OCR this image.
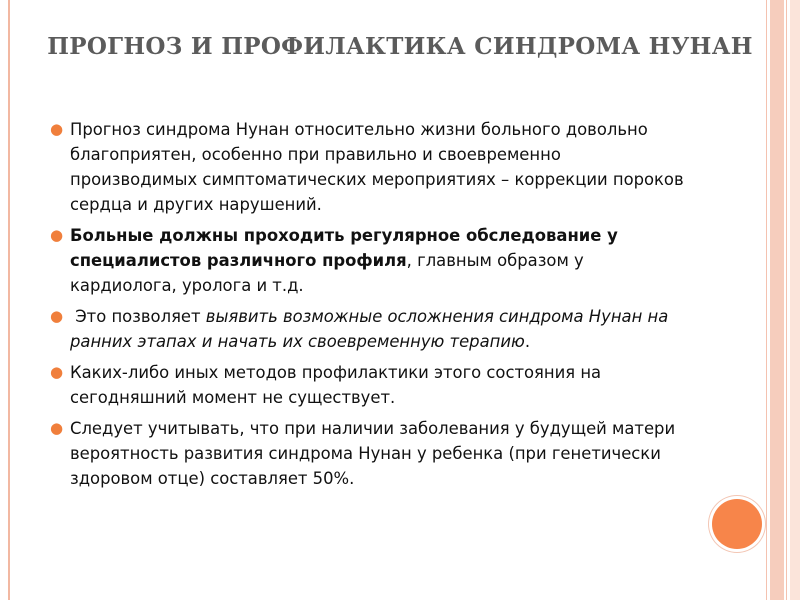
ПРОГНОЗ И ПРОФИЛАКТИКА СИНДРОМА НУНАН
● Прогноз синдрома Нунан относительно жизни больного довольно благоприятен, особенно при правильно и своевременно производимых симптоматических мероприятиях – коррекции пороков сердца и других нарушений.
● Больные должны проходить регулярное обследование у специалистов различного профиля, главным образом у кардиолога, уролога и т.д.
● Это позволяет выявить возможные осложнения синдрома Нунан на ранних этапах и начать их своевременную терапию.
● Каких-либо иных методов профилактики этого состояния на сегодняшний момент не существует.
● Следует учитывать, что при наличии заболевания у будущей матери вероятность развития синдрома Нунан у ребенка (при генетически здоровом отце) составляет 50%.
